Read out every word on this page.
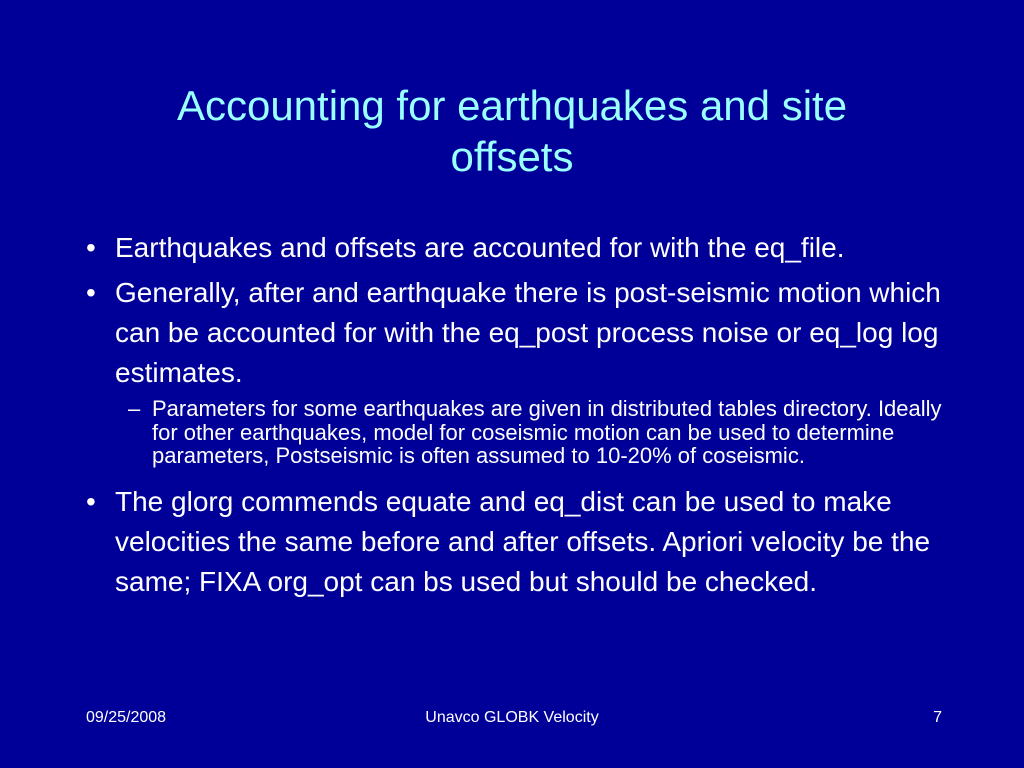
Accounting for earthquakes and site
offsets
• Earthquakes and offsets are accounted for with the eq_file.
• Generally, after and earthquake there is post-seismic motion which can be accounted for with the eq_post process noise or eq_log log estimates.
– Parameters for some earthquakes are given in distributed tables directory. Ideally for other earthquakes, model for coseismic motion can be used to determine parameters, Postseismic is often assumed to 10-20% of coseismic.
• The glorg commends equate and eq_dist can be used to make velocities the same before and after offsets. Apriori velocity be the same; FIXA org_opt can bs used but should be checked.
09/25/2008	Unavco GLOBK Velocity	7
